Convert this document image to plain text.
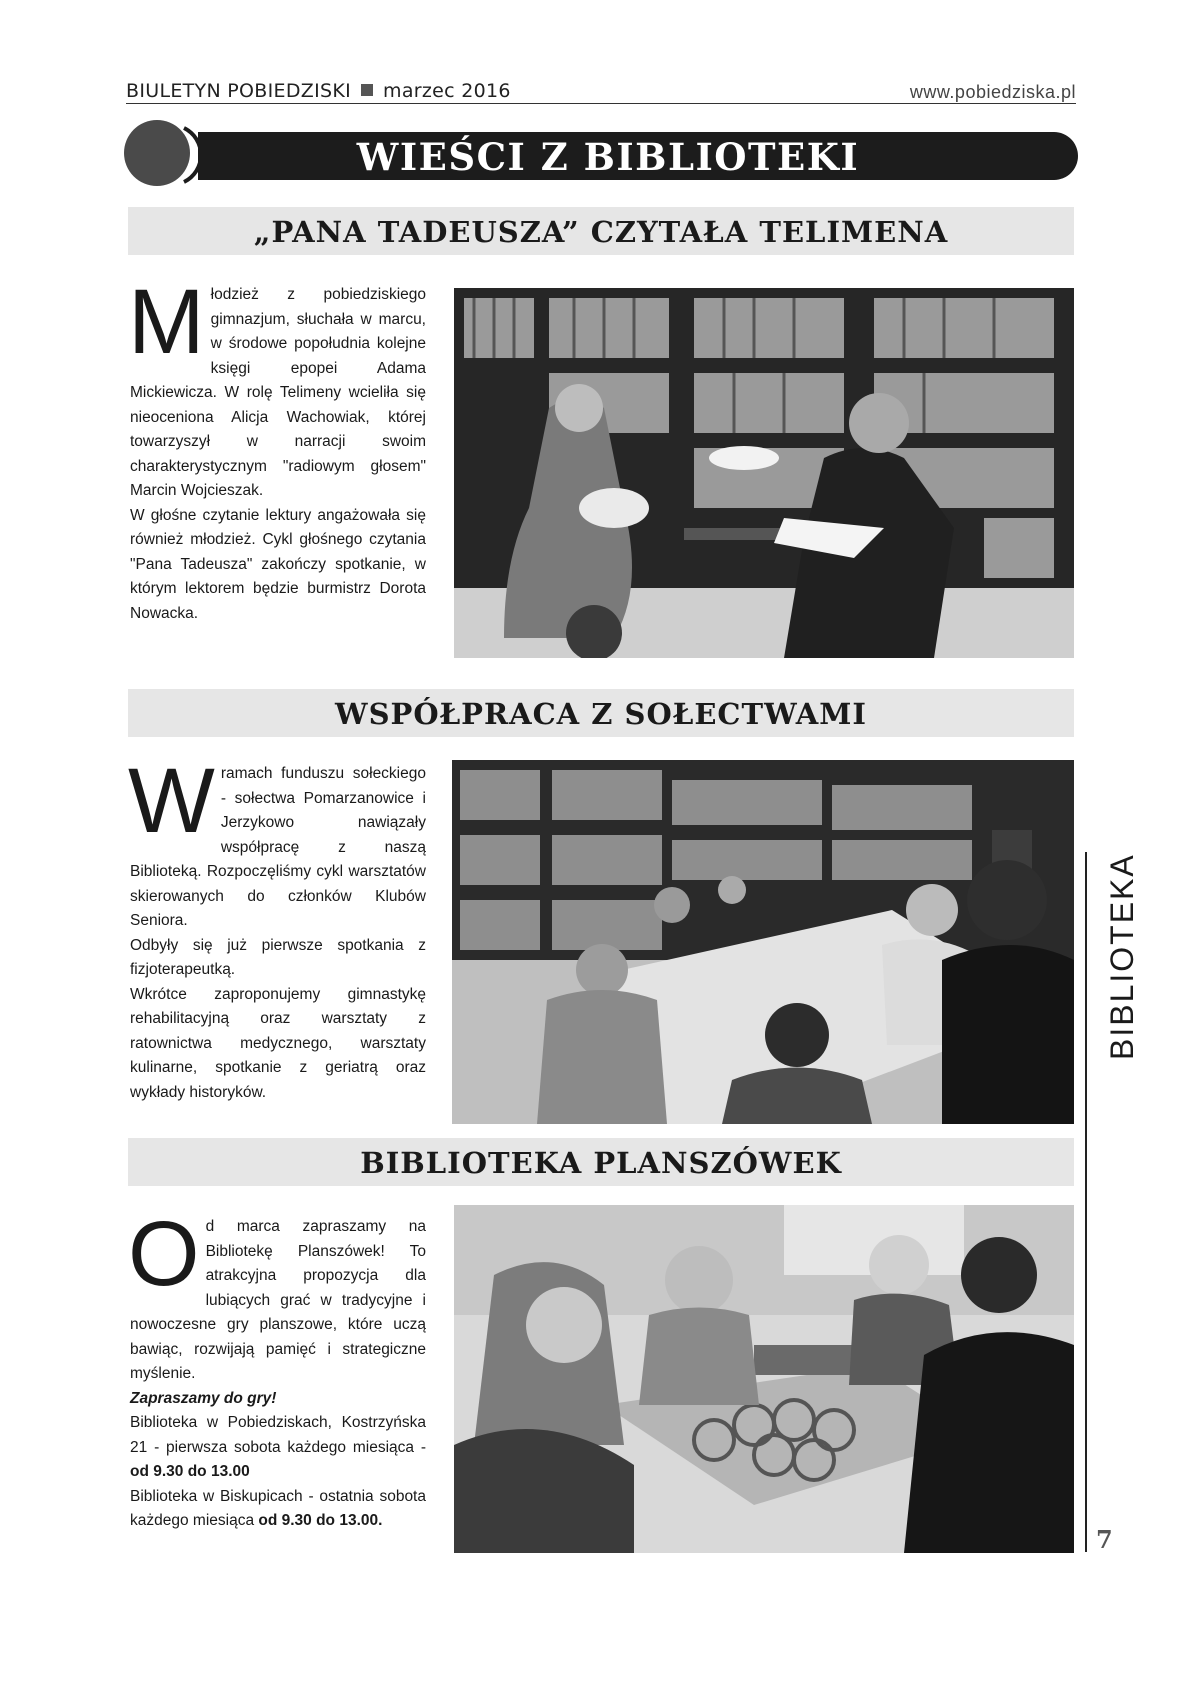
BIULETYN POBIEDZISKI marzec 2016	www.pobiedziska.pl
WIEŚCI Z BIBLIOTEKI
„PANA TADEUSZA” CZYTAŁA TELIMENA

Młodzież z pobiedziskiego gimnazjum, słuchała w marcu, w środowe popołudnia kolejne księgi epopei Adama Mickiewicza. W rolę Telimeny wcieliła się nieoceniona Alicja Wachowiak, której towarzyszył w narracji swoim charakterystycznym "radiowym głosem" Marcin Wojcieszak.

W głośne czytanie lektury angażowała się również młodzież. Cykl głośnego czytania "Pana Tadeusza" zakończy spotkanie, w którym lektorem będzie burmistrz Dorota Nowacka.

WSPÓŁPRACA Z SOŁECTWAMI

Wramach funduszu sołeckiego - sołectwa Pomarzanowice i Jerzykowo nawiązały współpracę z naszą Biblioteką. Rozpoczęliśmy cykl warsztatów skierowanych do członków Klubów Seniora.

Odbyły się już pierwsze spotkania z fizjoterapeutką.

Wkrótce zaproponujemy gimnastykę rehabilitacyjną oraz warsztaty z ratownictwa medycznego, warsztaty kulinarne, spotkanie z geriatrą oraz wykłady historyków.

BIBLIOTEKA PLANSZÓWEK

Od marca zapraszamy na Bibliotekę Planszówek! To atrakcyjna propozycja dla lubiących grać w tradycyjne i nowoczesne gry planszowe, które uczą bawiąc, rozwijają pamięć i strategiczne myślenie.

Zapraszamy do gry!

Biblioteka w Pobiedziskach, Kostrzyńska 21 - pierwsza sobota każdego miesiąca - od 9.30 do 13.00

Biblioteka w Biskupicach - ostatnia sobota każdego miesiąca od 9.30 do 13.00.

BIBLIOTEKA
7
